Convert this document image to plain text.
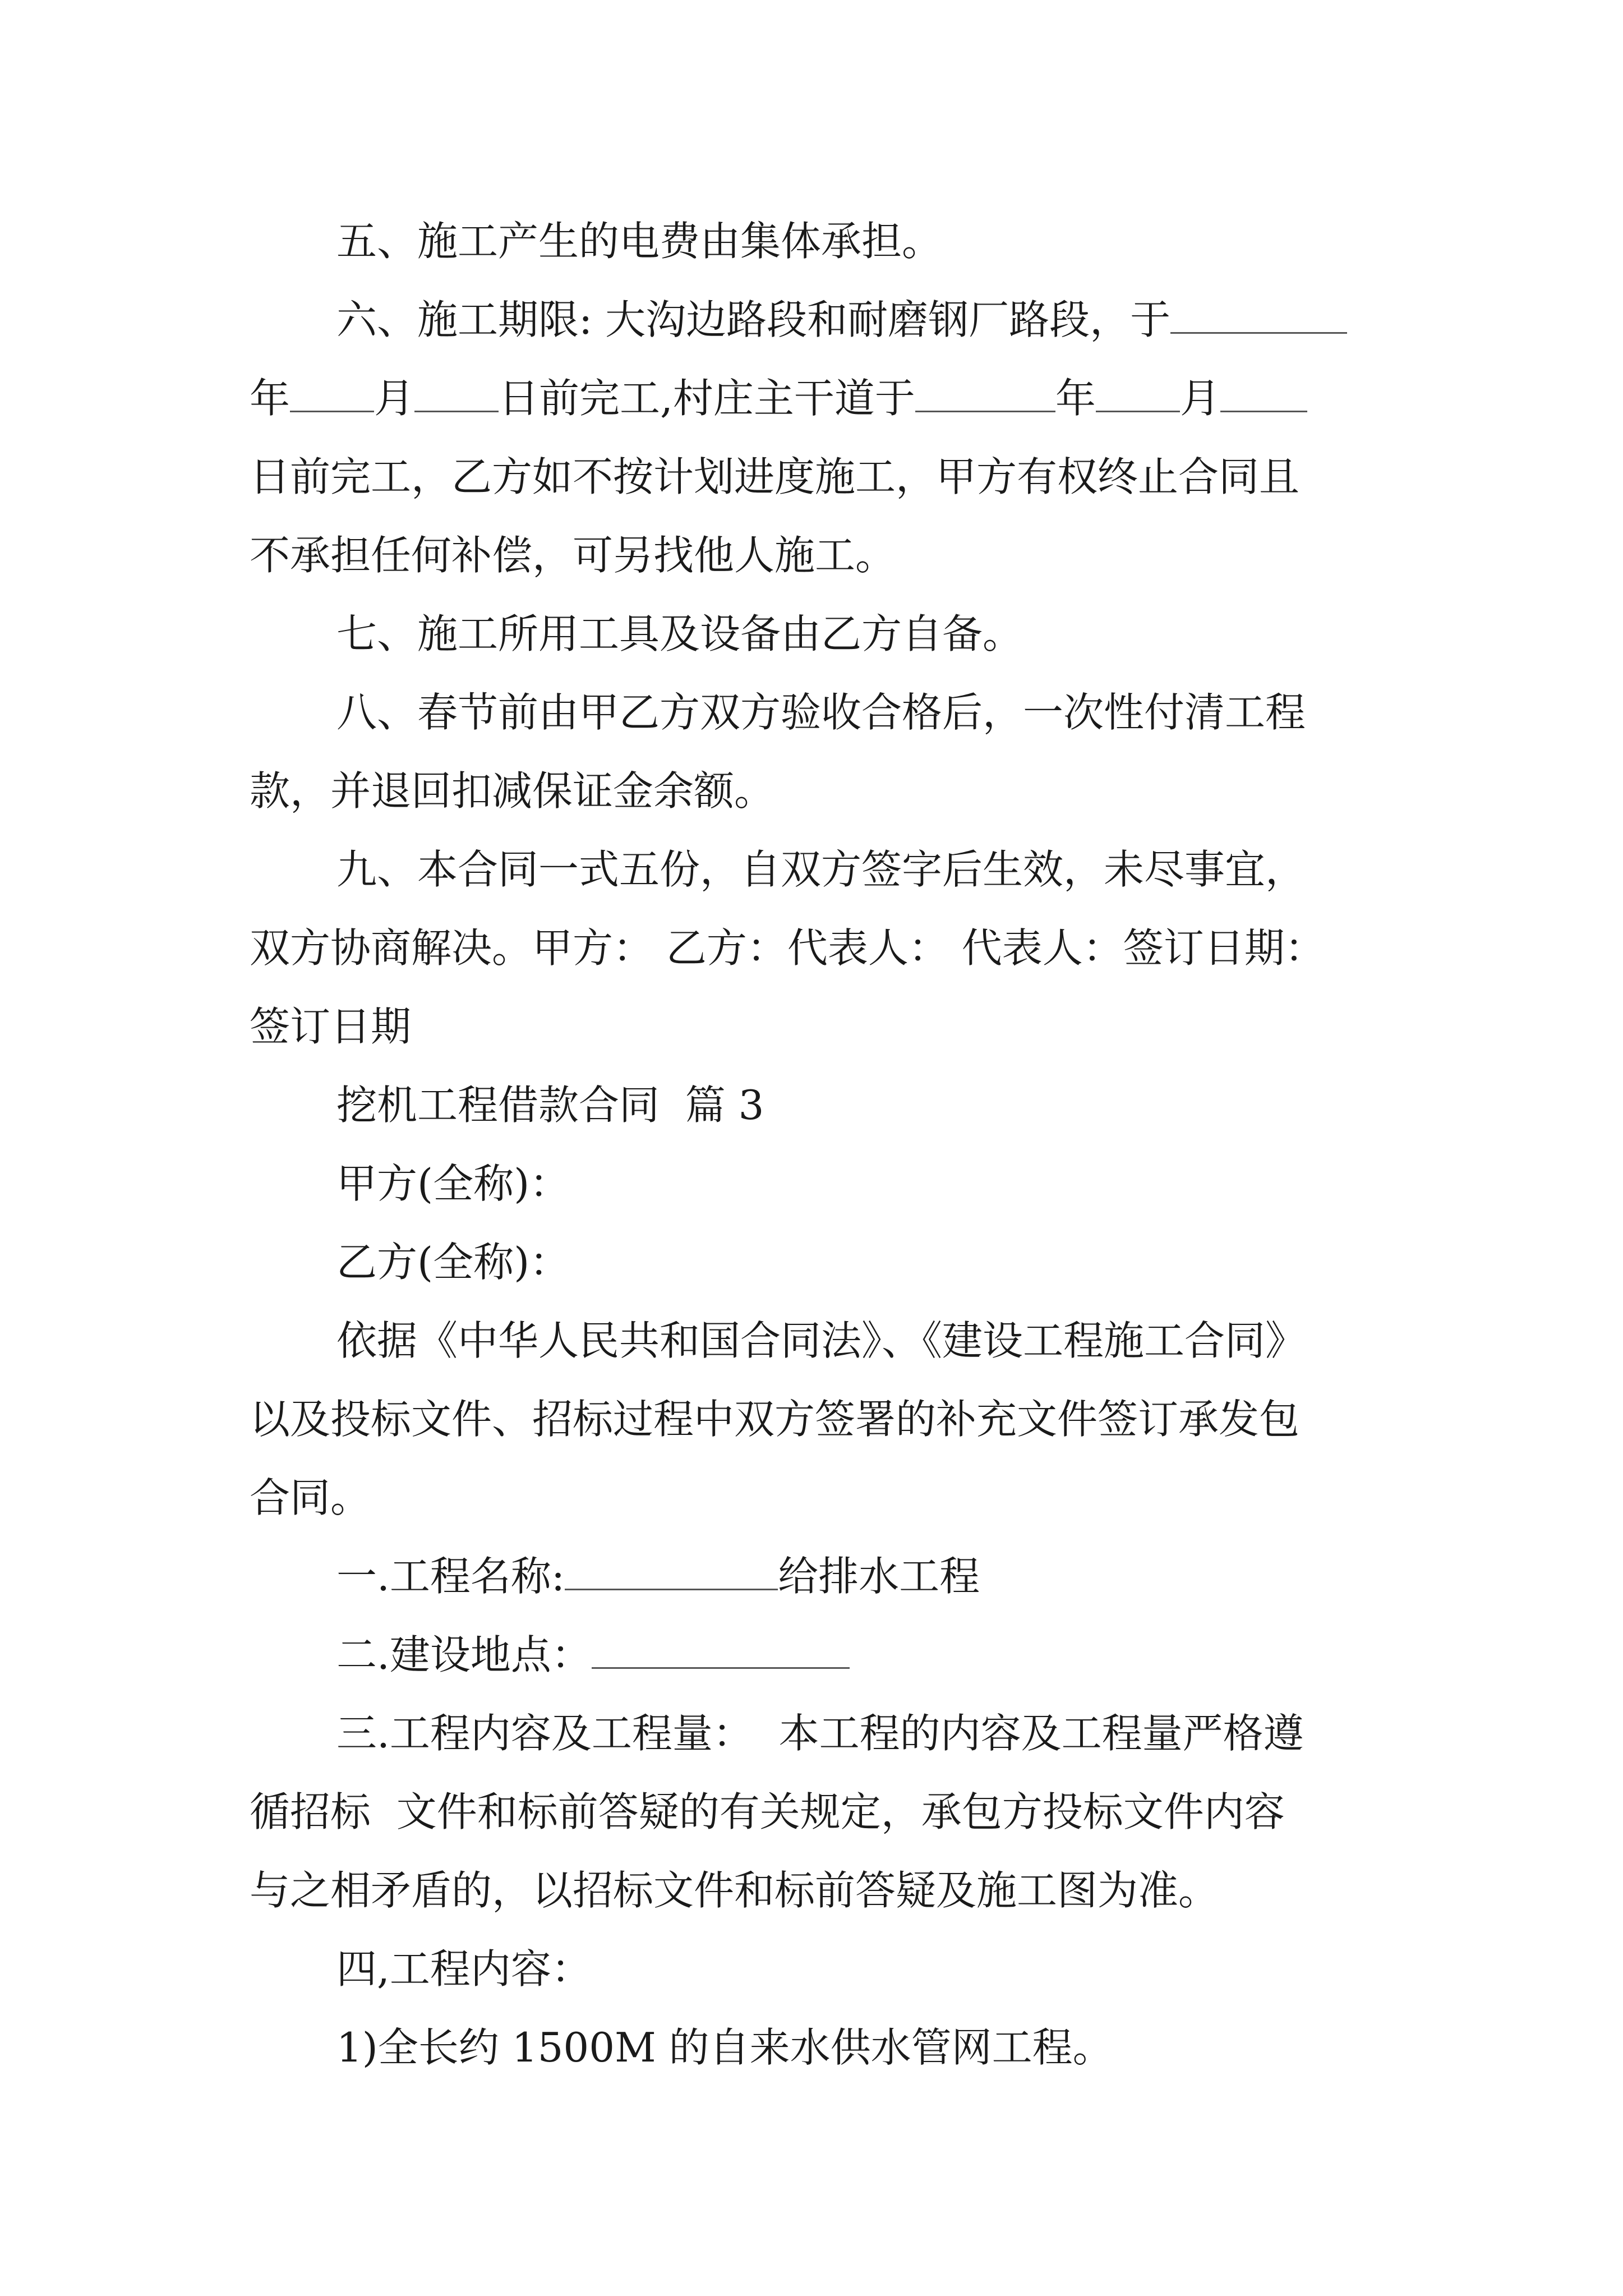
五、施工产生的电费由集体承担。
六、施工期限: 大沟边路段和耐磨钢厂路段，于
年 月 日前完工,村庄主干道于	年 月
日前完工，乙方如不按计划进度施工，甲方有权终止合同且
不承担任何补偿，可另找他人施工。
七、施工所用工具及设备由乙方自备。
八、春节前由甲乙方双方验收合格后，一次性付清工程
款，并退回扣减保证金余额。
九、本合同一式五份，自双方签字后生效，未尽事宜，
双方协商解决。甲方： 乙方：代表人： 代表人：签订日期：
签订日期
挖机工程借款合同  篇 3
甲方(全称)：
乙方(全称)：
依据《中华人民共和国合同法》、《建设工程施工合同》
以及投标文件、招标过程中双方签署的补充文件签订承发包
合同。
一.工程名称:	给排水工程
二.建设地点：
三.工程内容及工程量：  本工程的内容及工程量严格遵
循招标  文件和标前答疑的有关规定，承包方投标文件内容
与之相矛盾的，以招标文件和标前答疑及施工图为准。
四,工程内容：
1)全长约 1500M 的自来水供水管网工程。
